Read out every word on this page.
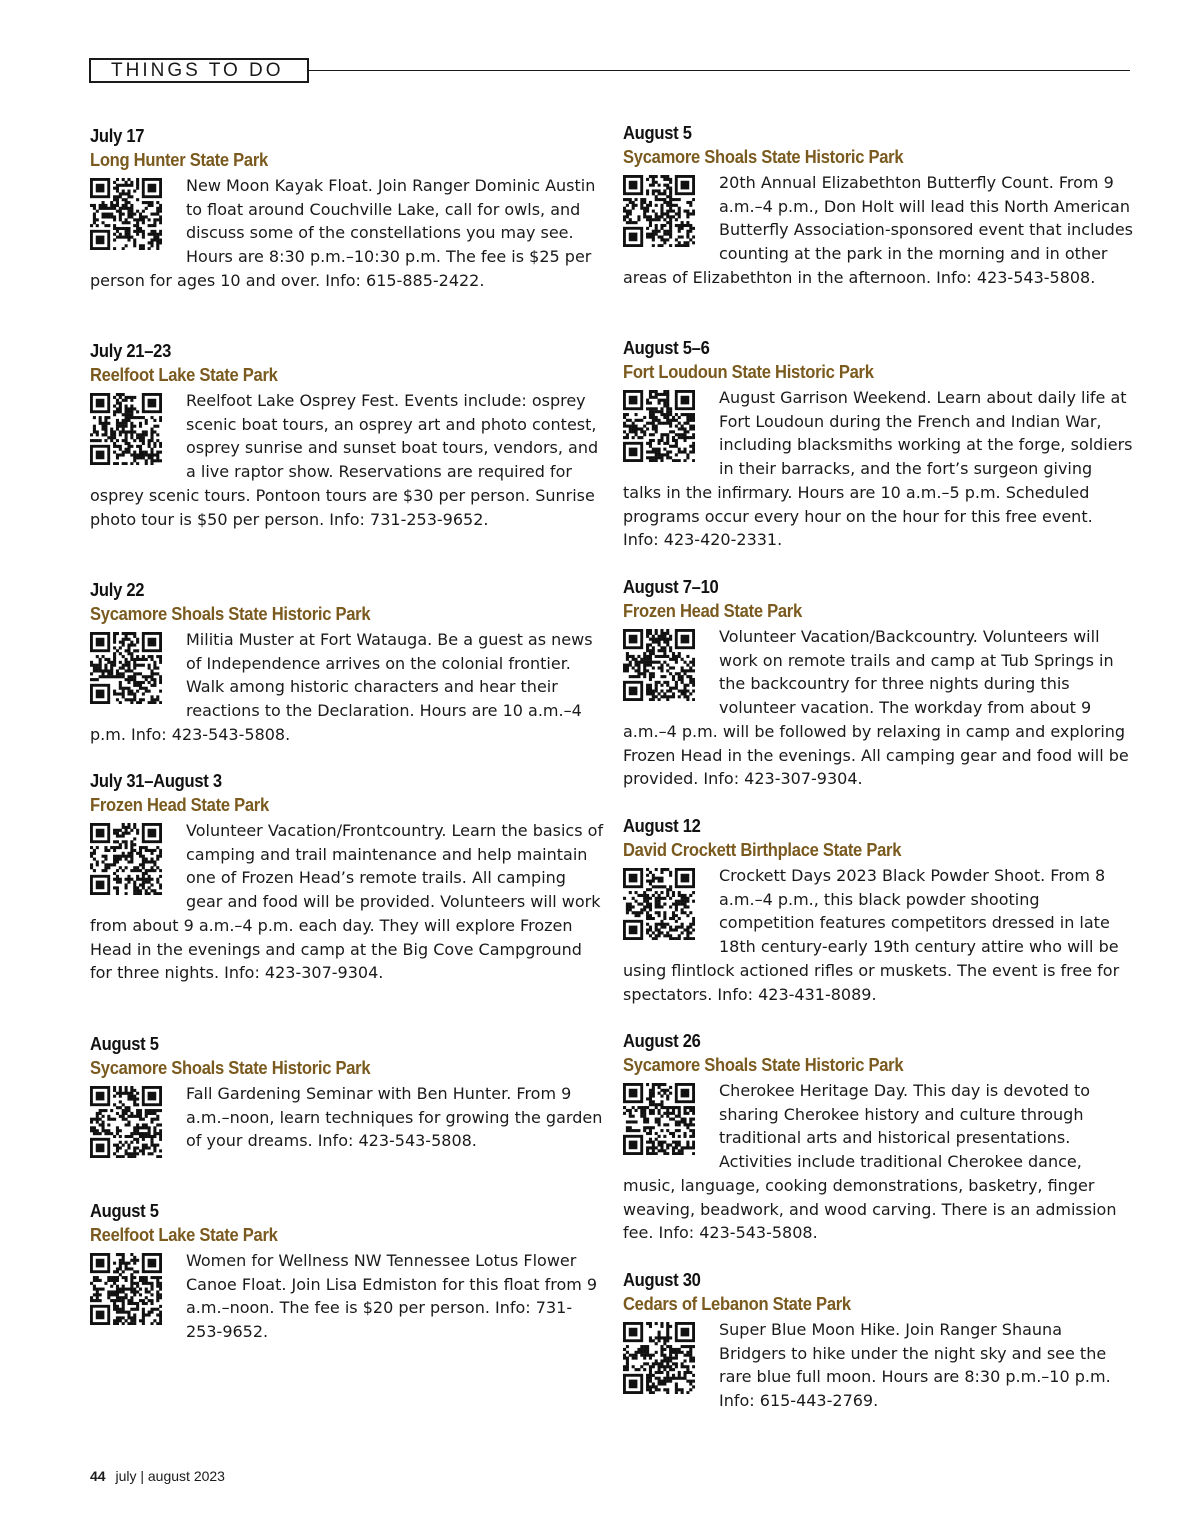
THINGS TO DO
July 17
Long Hunter State Park
New Moon Kayak Float. Join Ranger Dominic Austin to float around Couchville Lake, call for owls, and discuss some of the constellations you may see. Hours are 8:30 p.m.–10:30 p.m. The fee is $25 per person for ages 10 and over. Info: 615-885-2422.
July 21–23
Reelfoot Lake State Park
Reelfoot Lake Osprey Fest. Events include: osprey scenic boat tours, an osprey art and photo contest, osprey sunrise and sunset boat tours, vendors, and a live raptor show. Reservations are required for osprey scenic tours. Pontoon tours are $30 per person. Sunrise photo tour is $50 per person. Info: 731-253-9652.
July 22
Sycamore Shoals State Historic Park
Militia Muster at Fort Watauga. Be a guest as news of Independence arrives on the colonial frontier. Walk among historic characters and hear their reactions to the Declaration. Hours are 10 a.m.–4 p.m. Info: 423-543-5808.
July 31–August 3
Frozen Head State Park
Volunteer Vacation/Frontcountry. Learn the basics of camping and trail maintenance and help maintain one of Frozen Head’s remote trails. All camping gear and food will be provided. Volunteers will work from about 9 a.m.–4 p.m. each day. They will explore Frozen Head in the evenings and camp at the Big Cove Campground for three nights. Info: 423-307-9304.
August 5
Sycamore Shoals State Historic Park
Fall Gardening Seminar with Ben Hunter. From 9 a.m.–noon, learn techniques for growing the garden of your dreams. Info: 423-543-5808.
August 5
Reelfoot Lake State Park
Women for Wellness NW Tennessee Lotus Flower Canoe Float. Join Lisa Edmiston for this float from 9 a.m.–noon. The fee is $20 per person. Info: 731-253-9652.
August 5
Sycamore Shoals State Historic Park
20th Annual Elizabethton Butterfly Count. From 9 a.m.–4 p.m., Don Holt will lead this North American Butterfly Association-sponsored event that includes counting at the park in the morning and in other areas of Elizabethton in the afternoon. Info: 423-543-5808.
August 5–6
Fort Loudoun State Historic Park
August Garrison Weekend. Learn about daily life at Fort Loudoun during the French and Indian War, including blacksmiths working at the forge, soldiers in their barracks, and the fort’s surgeon giving talks in the infirmary. Hours are 10 a.m.–5 p.m. Scheduled programs occur every hour on the hour for this free event. Info: 423-420-2331.
August 7–10
Frozen Head State Park
Volunteer Vacation/Backcountry. Volunteers will work on remote trails and camp at Tub Springs in the backcountry for three nights during this volunteer vacation. The workday from about 9 a.m.–4 p.m. will be followed by relaxing in camp and exploring Frozen Head in the evenings. All camping gear and food will be provided. Info: 423-307-9304.
August 12
David Crockett Birthplace State Park
Crockett Days 2023 Black Powder Shoot. From 8 a.m.–4 p.m., this black powder shooting competition features competitors dressed in late 18th century-early 19th century attire who will be using flintlock actioned rifles or muskets. The event is free for spectators. Info: 423-431-8089.
August 26
Sycamore Shoals State Historic Park
Cherokee Heritage Day. This day is devoted to sharing Cherokee history and culture through traditional arts and historical presentations. Activities include traditional Cherokee dance, music, language, cooking demonstrations, basketry, finger weaving, beadwork, and wood carving. There is an admission fee. Info: 423-543-5808.
August 30
Cedars of Lebanon State Park
Super Blue Moon Hike. Join Ranger Shauna Bridgers to hike under the night sky and see the rare blue full moon. Hours are 8:30 p.m.–10 p.m. Info: 615-443-2769.
44 july | august 2023
